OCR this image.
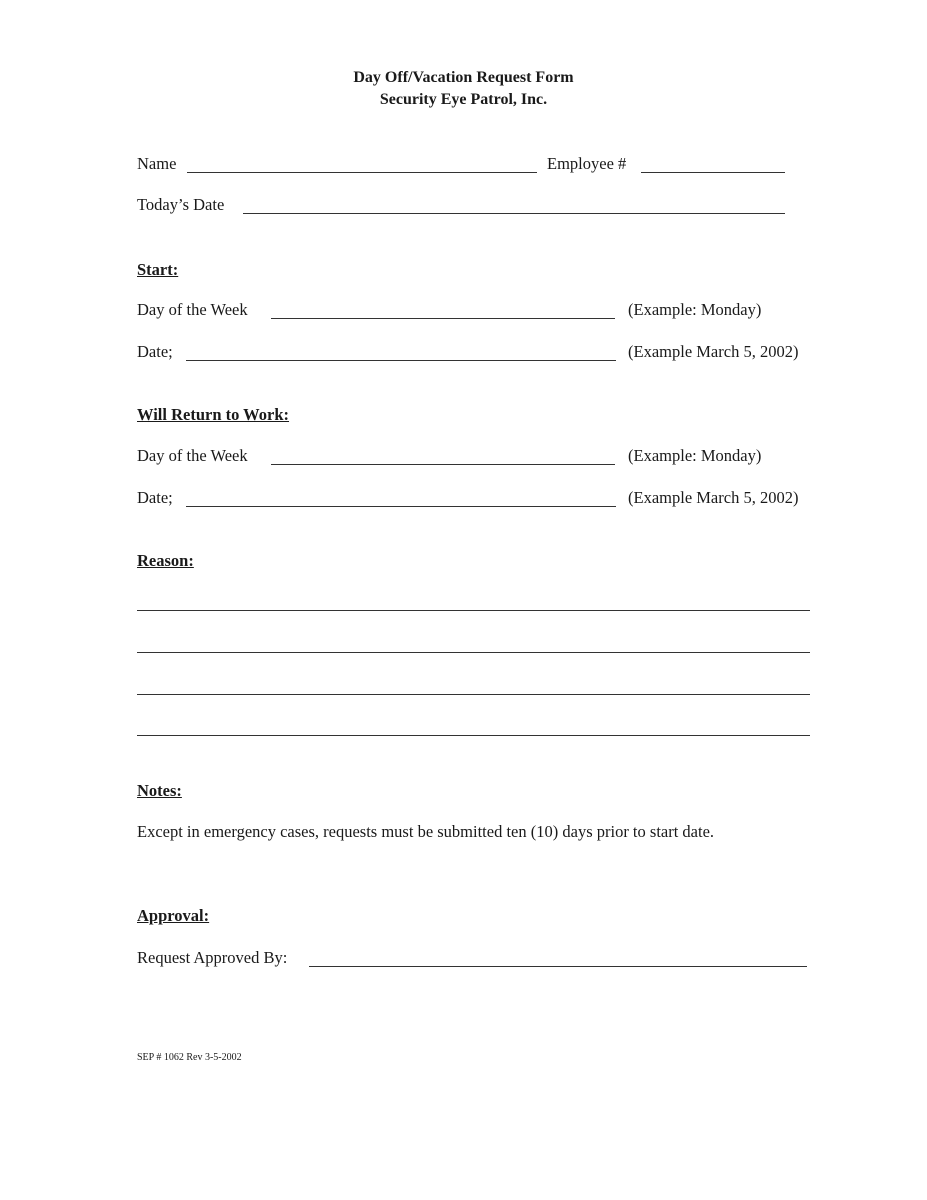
Day Off/Vacation Request Form
Security Eye Patrol, Inc.
Name	Employee #
Today’s Date
Start:
Day of the Week	(Example: Monday)
Date;	(Example March 5, 2002)
Will Return to Work:
Day of the Week	(Example: Monday)
Date;	(Example March 5, 2002)
Reason:
Notes:
Except in emergency cases, requests must be submitted ten (10) days prior to start date.
Approval:
Request Approved By:
SEP # 1062 Rev 3-5-2002
